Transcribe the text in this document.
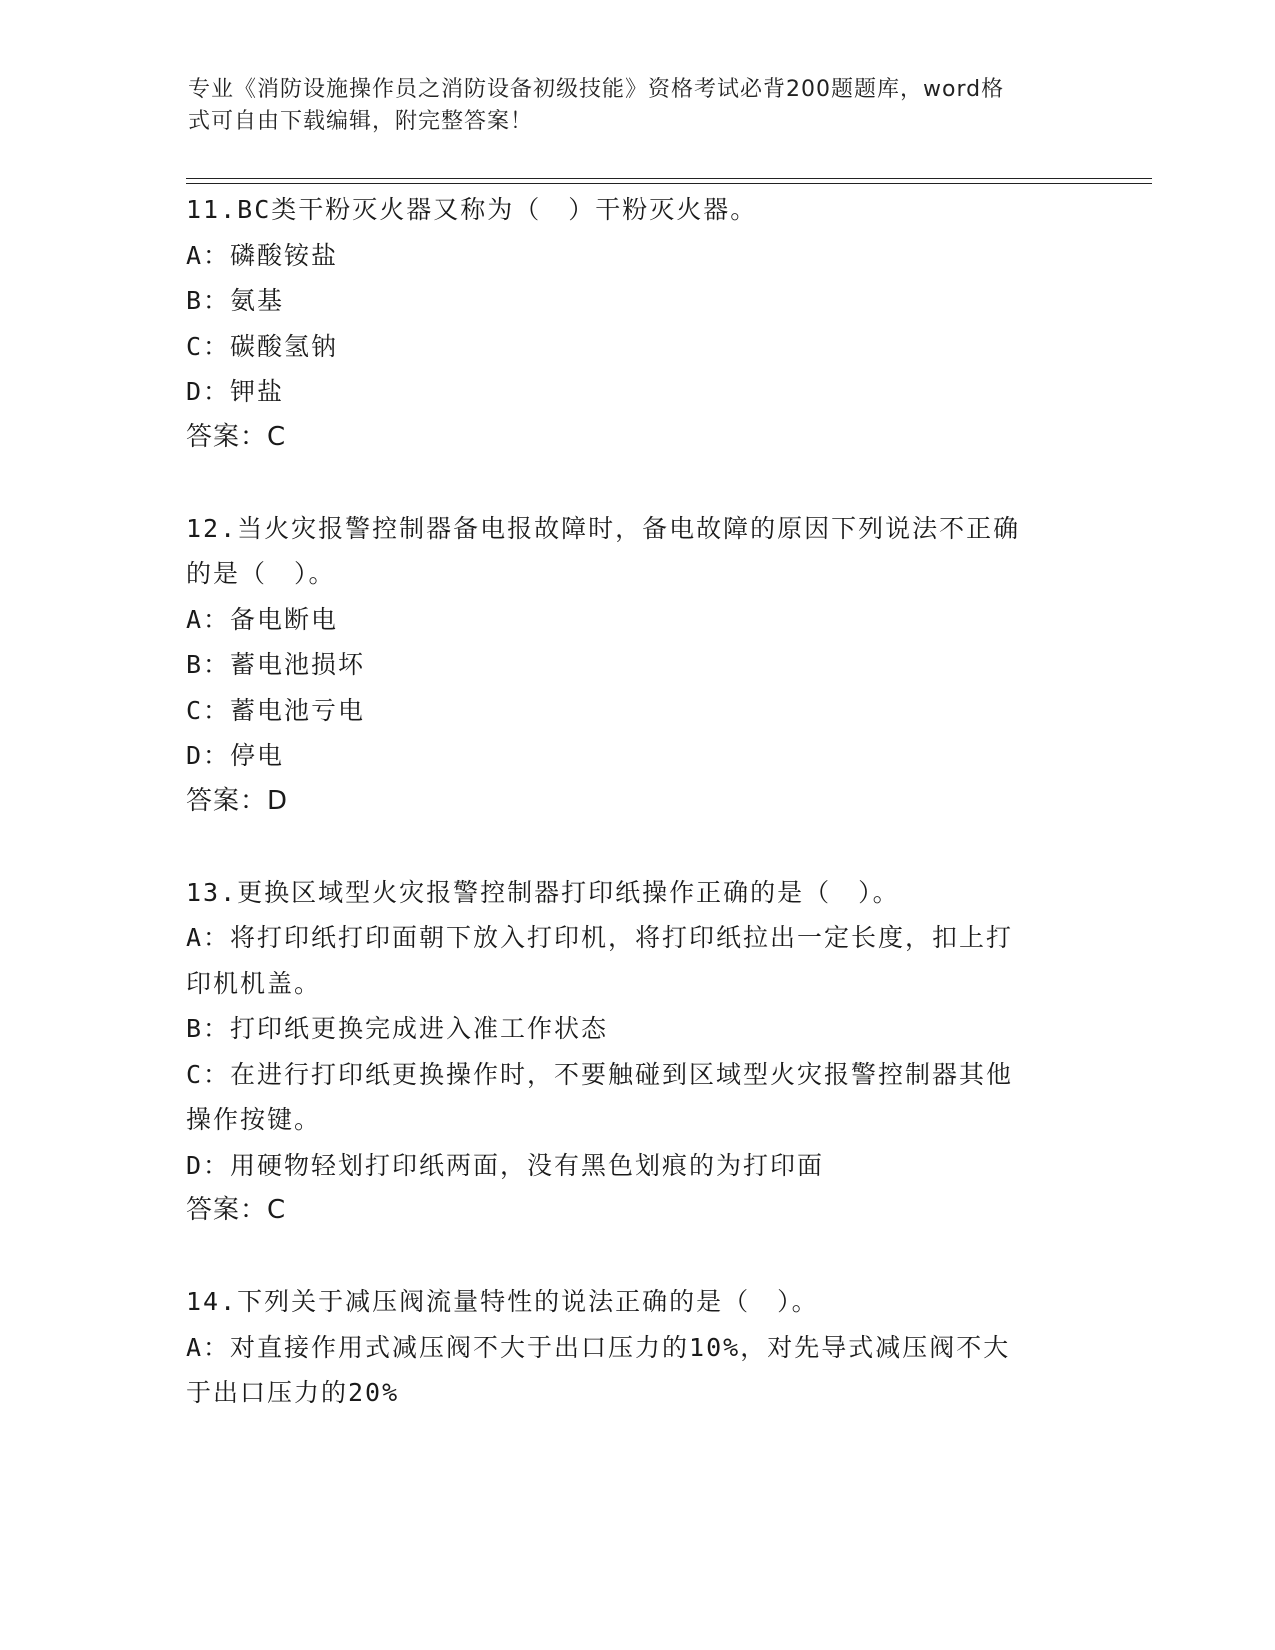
专业《消防设施操作员之消防设备初级技能》资格考试必背200题题库，word格
式可自由下载编辑，附完整答案！

11.BC类干粉灭火器又称为（　）干粉灭火器。

A：磷酸铵盐

B：氨基

C：碳酸氢钠

D：钾盐

答案：C

12.当火灾报警控制器备电报故障时，备电故障的原因下列说法不正确

的是（　）。

A：备电断电

B：蓄电池损坏

C：蓄电池亏电

D：停电

答案：D

13.更换区域型火灾报警控制器打印纸操作正确的是（　）。

A：将打印纸打印面朝下放入打印机，将打印纸拉出一定长度，扣上打

印机机盖。

B：打印纸更换完成进入准工作状态

C：在进行打印纸更换操作时，不要触碰到区域型火灾报警控制器其他

操作按键。

D：用硬物轻划打印纸两面，没有黑色划痕的为打印面

答案：C

14.下列关于减压阀流量特性的说法正确的是（　）。

A：对直接作用式减压阀不大于出口压力的10%，对先导式减压阀不大

于出口压力的20%
